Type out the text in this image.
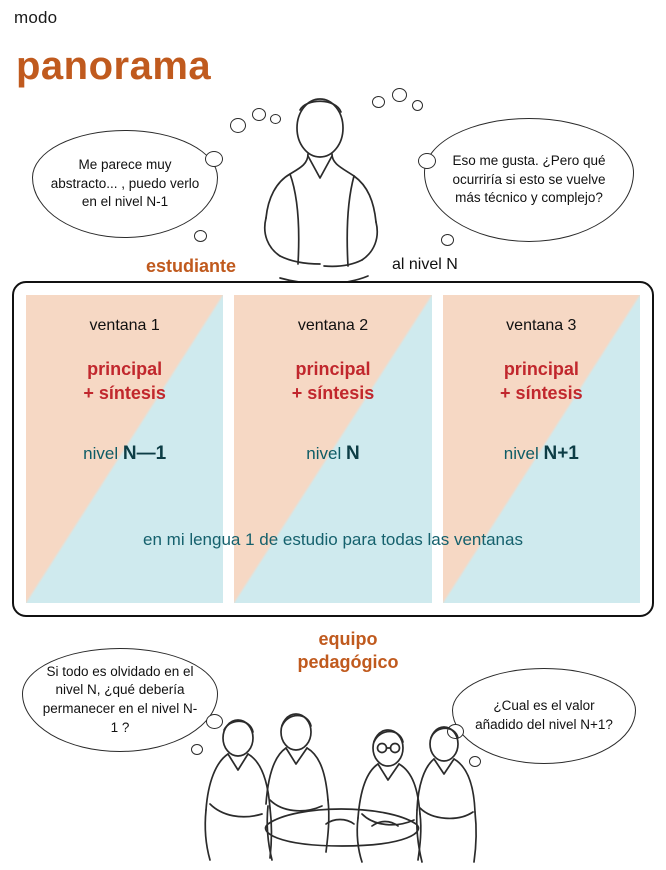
modo
panorama
Me parece muy abstracto... , puedo verlo en el nivel N-1
Eso me gusta. ¿Pero qué ocurriría si esto se vuelve más técnico y complejo?
estudiante	al nivel N
ventana 1
principal
+ síntesis
nivel N—1
ventana 2
principal
+ síntesis
nivel N
ventana 3
principal
+ síntesis
nivel N+1
en mi lengua 1 de estudio para todas las ventanas
equipo
pedagógico
Si todo es olvidado en el nivel N, ¿qué debería permanecer en el nivel N-1 ?
¿Cual es el valor añadido del nivel N+1?
